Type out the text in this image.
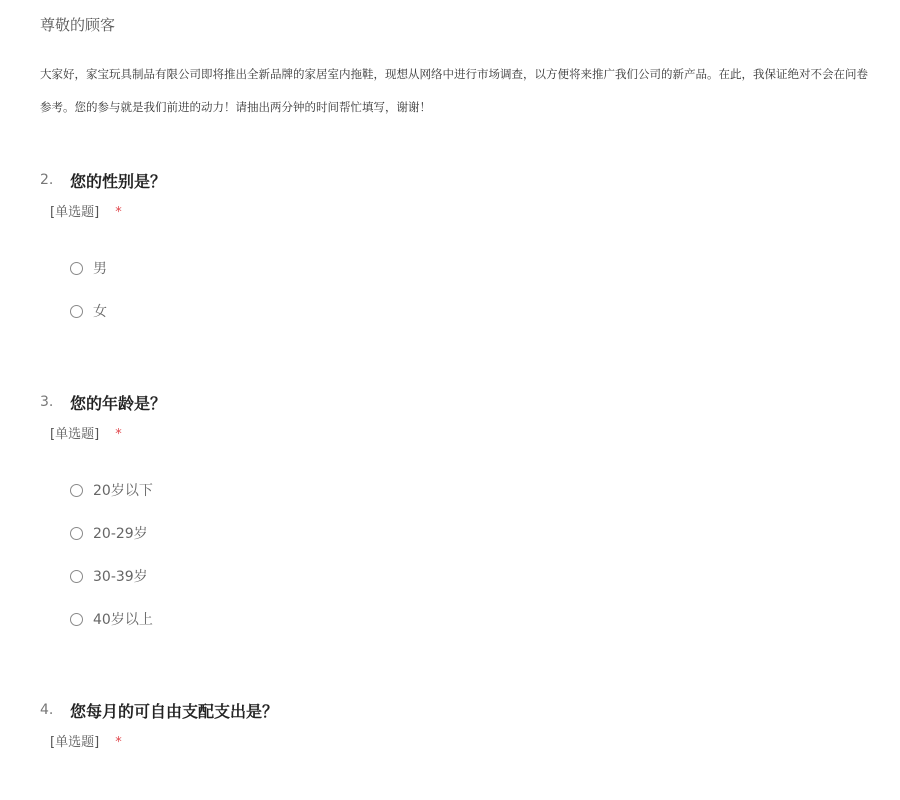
尊敬的顾客
大家好，家宝玩具制品有限公司即将推出全新品牌的家居室内拖鞋，现想从网络中进行市场调查，以方便将来推广我们公司的新产品。在此，我保证绝对不会在问卷
参考。您的参与就是我们前进的动力！请抽出两分钟的时间帮忙填写，谢谢！
2.	您的性别是？
[单选题] *
男
女
3.	您的年龄是？
[单选题] *
20岁以下
20-29岁
30-39岁
40岁以上
4.	您每月的可自由支配支出是？
[单选题] *
